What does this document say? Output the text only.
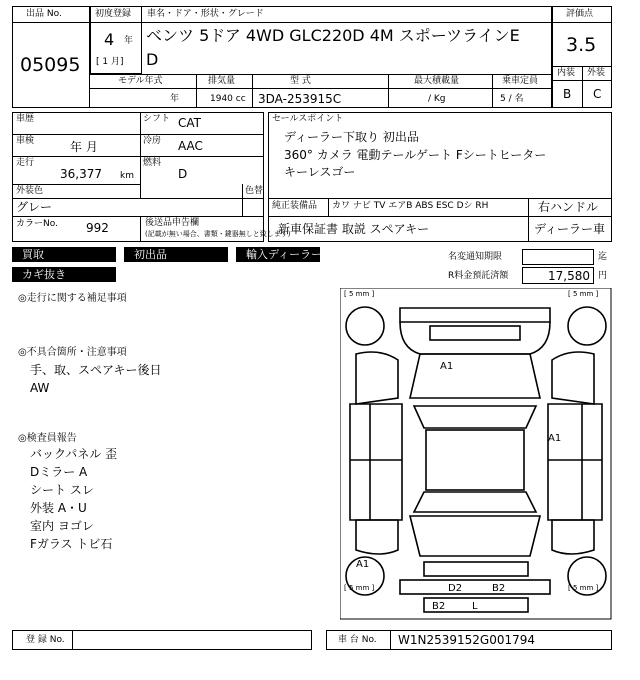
出品 No.
05095
初度登録
4 年
[ 1 月]
車名・ドア・形状・グレード
ベンツ 5ドア 4WD GLC220D 4M スポーツラインE
D
評価点
3.5
内装 外装
B C
モデル年式
年
排気量
1940 cc
型 式
3DA-253915C
最大積載量
/ Kg
乗車定員
5 / 名
車歴	シフト CAT
車検	年 月	冷房 AAC
走行
36,377 km
燃料
D
外装色	色替
グレー
カラーNo. 992	後送品申告欄
(記載が無い場合、書類・鍵器無しと致します)
セールスポイント
ディーラー下取り 初出品
360° カメラ 電動テールゲート Fシートヒーター
キーレスゴー
純正装備品 カワ ナビ TV エアB ABS ESC Dシ RH	右ハンドル
新車保証書 取説 スペアキー	ディーラー車
買取	初出品	輸入ディーラー
カギ抜き
名変通知期限	迄
R料金預託済額	17,580 円
◎走行に関する補足事項
◎不具合箇所・注意事項
手、取、スペアキー後日
AW
◎検査員報告
バックパネル 歪
Dミラー A
シート スレ
外装 A・U
室内 ヨゴレ
Fガラス トビ石
[ 5 mm ]	[ 5 mm ]
[ 5 mm ]	[ 5 mm ]
A1
A1
A1
D2	B2
B2	L
登 録 No.	車 台 No. W1N2539152G001794
